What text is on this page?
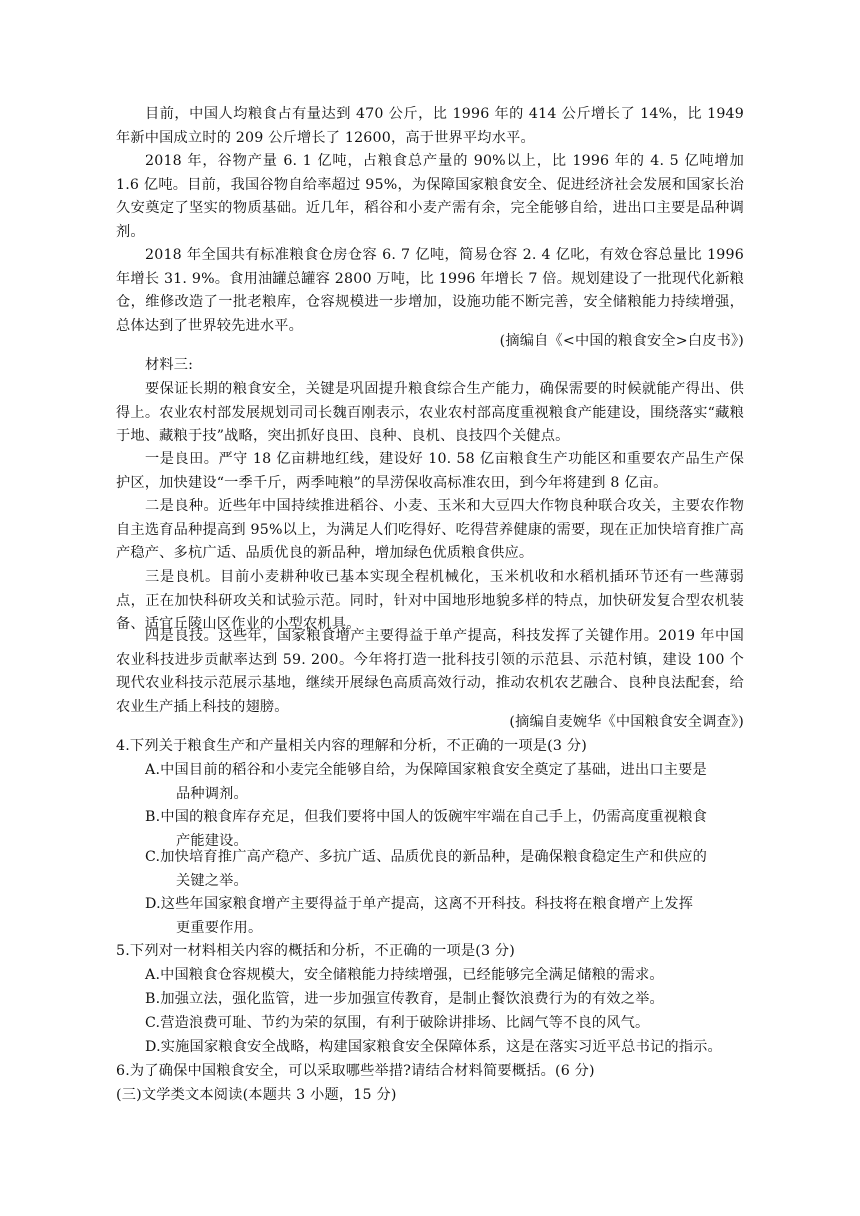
目前，中国人均粮食占有量达到 470 公斤，比 1996 年的 414 公斤增长了 14%，比 1949 年新中国成立时的 209 公斤增长了 12600，高于世界平均水平。

2018 年，谷物产量 6. 1 亿吨，占粮食总产量的 90%以上，比 1996 年的 4. 5 亿吨增加 1.6 亿吨。目前，我国谷物自给率超过 95%，为保障国家粮食安全、促进经济社会发展和国家长治久安奠定了坚实的物质基础。近几年，稻谷和小麦产需有余，完全能够自给，进出口主要是品种调剂。

2018 年全国共有标准粮食仓房仓容 6. 7 亿吨，简易仓容 2. 4 亿叱，有效仓容总量比 1996 年增长 31. 9%。食用油罐总罐容 2800 万吨，比 1996 年增长 7 倍。规划建设了一批现代化新粮仓，维修改造了一批老粮库，仓容规模进一步增加，设施功能不断完善，安全储粮能力持续增强，总体达到了世界较先进水平。

(摘编自《<中国的粮食安全>白皮书》)

材料三:

要保证长期的粮食安全，关键是巩固提升粮食综合生产能力，确保需要的时候就能产得出、供得上。农业农村部发展规划司司长魏百刚表示，农业农村部高度重视粮食产能建设，围绕落实“藏粮于地、藏粮于技”战略，突出抓好良田、良种、良机、良技四个关健点。

一是良田。严守 18 亿亩耕地红线，建设好 10. 58 亿亩粮食生产功能区和重要农产品生产保护区，加快建设“一季千斤，两季吨粮”的旱涝保收高标准农田，到今年将建到 8 亿亩。

二是良种。近些年中国持续推进稻谷、小麦、玉米和大豆四大作物良种联合攻关，主要农作物自主选育品种提高到 95%以上，为满足人们吃得好、吃得营养健康的需要，现在正加快培育推广高产稳产、多杭广适、品质优良的新品种，增加绿色优质粮食供应。

三是良机。目前小麦耕种收已基本实现全程机械化，玉米机收和水稻机插环节还有一些薄弱点，正在加快科研攻关和试验示范。同时，针对中国地形地貌多样的特点，加快研发复合型农机装备、适宜丘陵山区作业的小型农机具。

四是良技。这些年，国家粮食增产主要得益于单产提高，科技发挥了关键作用。2019 年中国农业科技进步贡献率达到 59. 200。今年将打造一批科技引领的示范县、示范村镇，建设 100 个现代农业科技示范展示基地，继续开展绿色高质高效行动，推动农机农艺融合、良种良法配套，给农业生产插上科技的翅膀。

(摘编自麦婉华《中国粮食安全调查》)

4.下列关于粮食生产和产量相关内容的理解和分析，不正确的一项是(3 分)

A.中国目前的稻谷和小麦完全能够自给，为保障国家粮食安全奠定了基础，进出口主要是
品种调剂。

B.中国的粮食库存充足，但我们要将中国人的饭碗牢牢端在自己手上，仍需高度重视粮食
产能建设。

C.加快培育推广高产稳产、多抗广适、品质优良的新品种，是确保粮食稳定生产和供应的
关键之举。

D.这些年国家粮食增产主要得益于单产提高，这离不开科技。科技将在粮食增产上发挥
更重要作用。

5.下列对一材料相关内容的概括和分析，不正确的一项是(3 分)

A.中国粮食仓容规模大，安全储粮能力持续增强，已经能够完全满足储粮的需求。

B.加强立法，强化监管，进一步加强宣传教育，是制止餐饮浪费行为的有效之举。

C.营造浪费可耻、节约为荣的氛围，有利于破除讲排场、比阔气等不良的风气。

D.实施国家粮食安全战略，构建国家粮食安全保障体系，这是在落实习近平总书记的指示。

6.为了确保中国粮食安全，可以采取哪些举措?请结合材料简要概括。(6 分)

(三)文学类文本阅读(本题共 3 小题，15 分)
